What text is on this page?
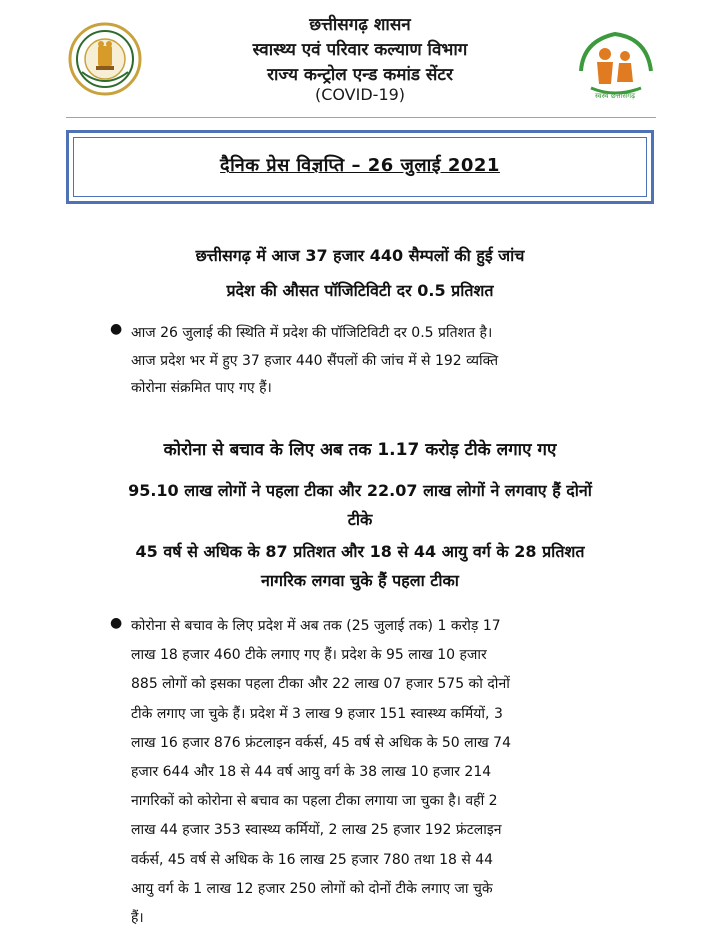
छत्तीसगढ़ शासन
स्वास्थ्य एवं परिवार कल्याण विभाग
राज्य कन्ट्रोल एन्ड कमांड सेंटर
(COVID-19)	स्वस्थ छत्तीसगढ़
दैनिक प्रेस विज्ञप्ति – 26 जुलाई 2021
छत्तीसगढ़ में आज 37 हजार 440 सैम्पलों की हुई जांच
प्रदेश की औसत पॉजिटिविटी दर 0.5 प्रतिशत
● आज 26 जुलाई की स्थिति में प्रदेश की पॉजिटिविटी दर 0.5 प्रतिशत है।
आज प्रदेश भर में हुए 37 हजार 440 सैंपलों की जांच में से 192 व्यक्ति
कोरोना संक्रमित पाए गए हैं।
कोरोना से बचाव के लिए अब तक 1.17 करोड़ टीके लगाए गए
95.10 लाख लोगों ने पहला टीका और 22.07 लाख लोगों ने लगवाए हैं दोनों
टीके
45 वर्ष से अधिक के 87 प्रतिशत और 18 से 44 आयु वर्ग के 28 प्रतिशत
नागरिक लगवा चुके हैं पहला टीका
● कोरोना से बचाव के लिए प्रदेश में अब तक (25 जुलाई तक) 1 करोड़ 17
लाख 18 हजार 460 टीके लगाए गए हैं। प्रदेश के 95 लाख 10 हजार
885 लोगों को इसका पहला टीका और 22 लाख 07 हजार 575 को दोनों
टीके लगाए जा चुके हैं। प्रदेश में 3 लाख 9 हजार 151 स्वास्थ्य कर्मियों, 3
लाख 16 हजार 876 फ्रंटलाइन वर्कर्स, 45 वर्ष से अधिक के 50 लाख 74
हजार 644 और 18 से 44 वर्ष आयु वर्ग के 38 लाख 10 हजार 214
नागरिकों को कोरोना से बचाव का पहला टीका लगाया जा चुका है। वहीं 2
लाख 44 हजार 353 स्वास्थ्य कर्मियों, 2 लाख 25 हजार 192 फ्रंटलाइन
वर्कर्स, 45 वर्ष से अधिक के 16 लाख 25 हजार 780 तथा 18 से 44
आयु वर्ग के 1 लाख 12 हजार 250 लोगों को दोनों टीके लगाए जा चुके
हैं।
